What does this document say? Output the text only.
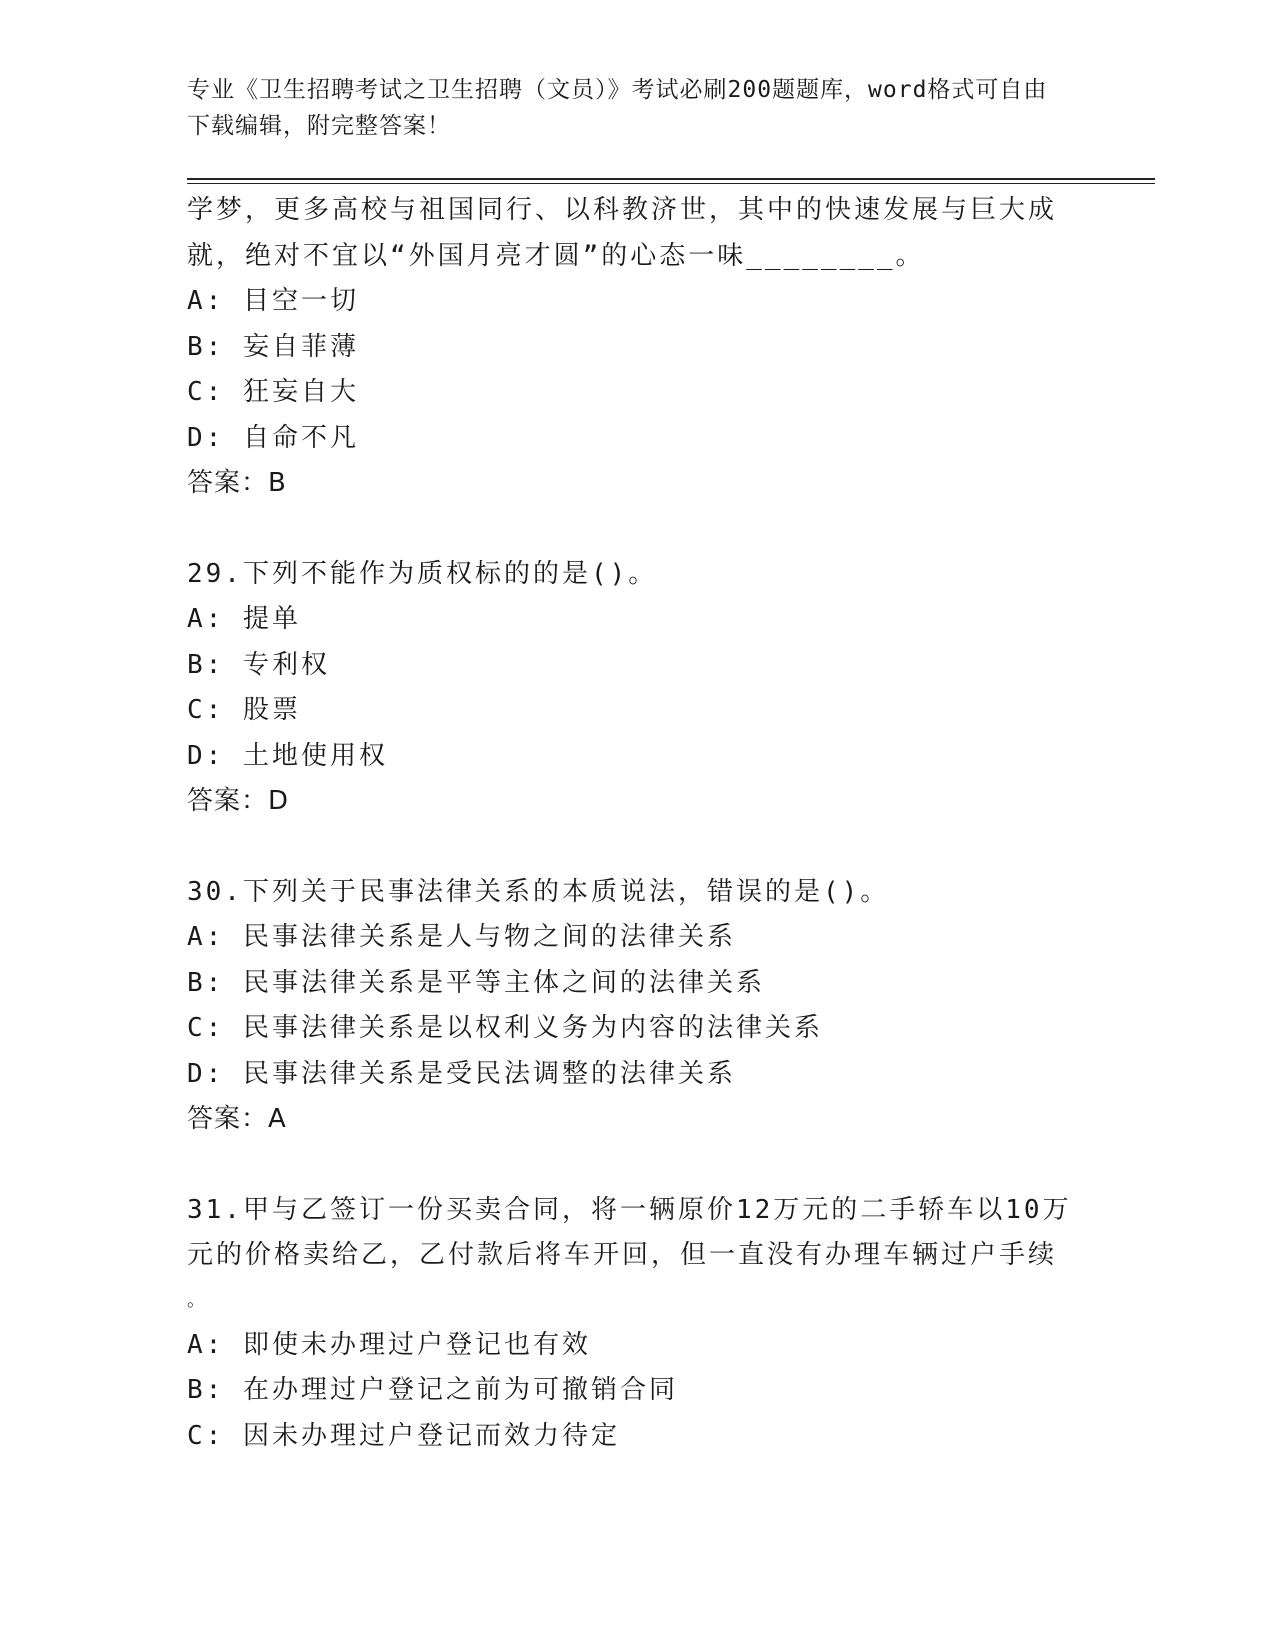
专业《卫生招聘考试之卫生招聘（文员）》考试必刷200题题库，word格式可自由下载编辑，附完整答案！
学梦，更多高校与祖国同行、以科教济世，其中的快速发展与巨大成
就，绝对不宜以“外国月亮才圆”的心态一味________。
A: 目空一切
B: 妄自菲薄
C: 狂妄自大
D: 自命不凡
答案：B
29.下列不能作为质权标的的是()。
A: 提单
B: 专利权
C: 股票
D: 土地使用权
答案：D
30.下列关于民事法律关系的本质说法，错误的是()。
A: 民事法律关系是人与物之间的法律关系
B: 民事法律关系是平等主体之间的法律关系
C: 民事法律关系是以权利义务为内容的法律关系
D: 民事法律关系是受民法调整的法律关系
答案：A
31.甲与乙签订一份买卖合同，将一辆原价12万元的二手轿车以10万
元的价格卖给乙，乙付款后将车开回，但一直没有办理车辆过户手续
。
A: 即使未办理过户登记也有效
B: 在办理过户登记之前为可撤销合同
C: 因未办理过户登记而效力待定
